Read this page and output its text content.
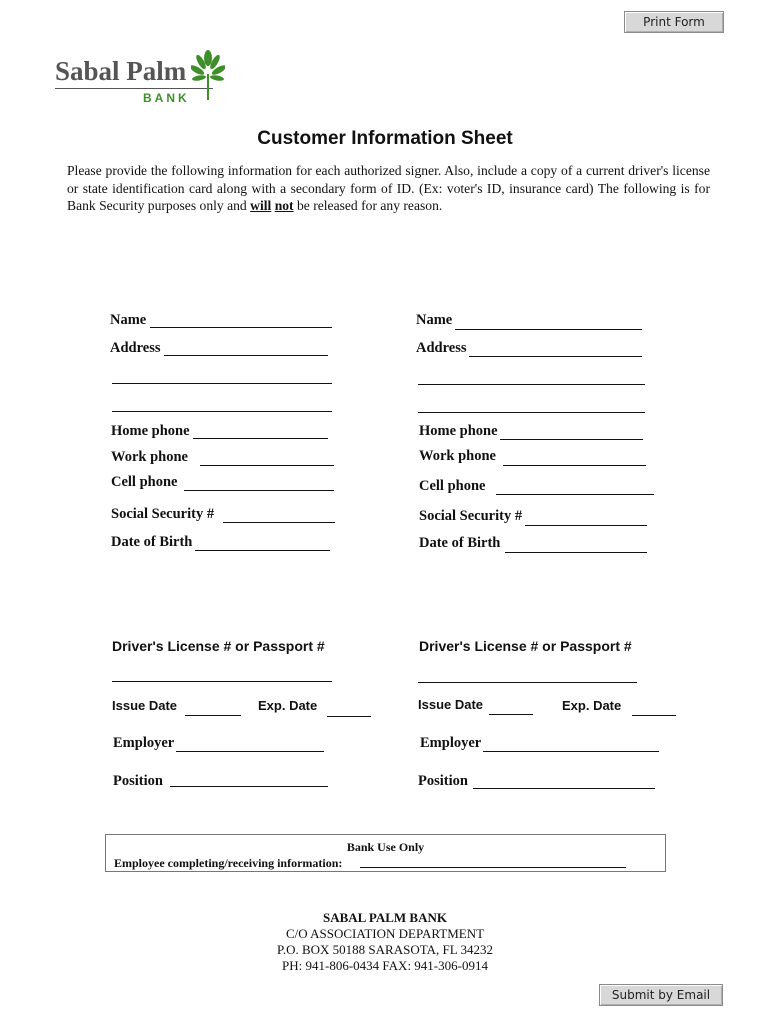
Print Form
Sabal Palm
BANK
Customer Information Sheet
Please provide the following information for each authorized signer. Also, include a copy of a current driver's license or state identification card along with a secondary form of ID. (Ex: voter's ID, insurance card) The following is for Bank Security purposes only and will not be released for any reason.
Name
Address
Home phone
Work phone
Cell phone
Social Security #
Date of Birth
Driver's License # or Passport #
Issue Date	Exp. Date
Employer
Position
Name
Address
Home phone
Work phone
Cell phone
Social Security #
Date of Birth
Driver's License # or Passport #
Issue Date	Exp. Date
Employer
Position
Bank Use Only
Employee completing/receiving information:
SABAL PALM BANK
C/O ASSOCIATION DEPARTMENT
P.O. BOX 50188 SARASOTA, FL 34232
PH: 941-806-0434 FAX: 941-306-0914
Submit by Email
